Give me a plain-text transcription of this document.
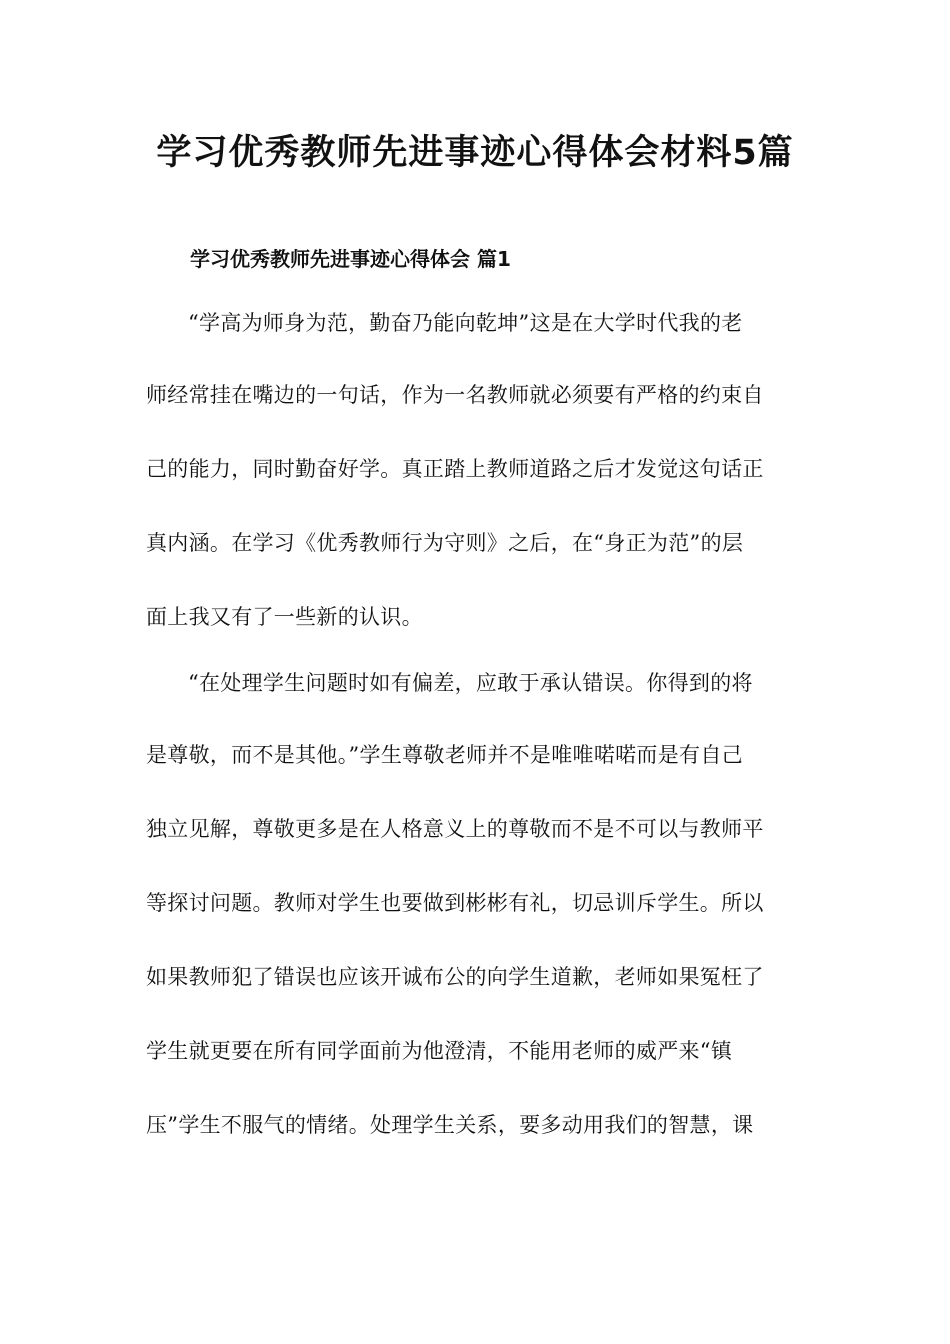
学习优秀教师先进事迹心得体会材料5篇
学习优秀教师先进事迹心得体会 篇1
“学高为师身为范，勤奋乃能向乾坤”这是在大学时代我的老
师经常挂在嘴边的一句话，作为一名教师就必须要有严格的约束自
己的能力，同时勤奋好学。真正踏上教师道路之后才发觉这句话正
真内涵。在学习《优秀教师行为守则》之后，在“身正为范”的层
面上我又有了一些新的认识。
“在处理学生问题时如有偏差，应敢于承认错误。你得到的将
是尊敬，而不是其他。”学生尊敬老师并不是唯唯喏喏而是有自己
独立见解，尊敬更多是在人格意义上的尊敬而不是不可以与教师平
等探讨问题。教师对学生也要做到彬彬有礼，切忌训斥学生。所以
如果教师犯了错误也应该开诚布公的向学生道歉，老师如果冤枉了
学生就更要在所有同学面前为他澄清，不能用老师的威严来“镇
压”学生不服气的情绪。处理学生关系，要多动用我们的智慧，课
